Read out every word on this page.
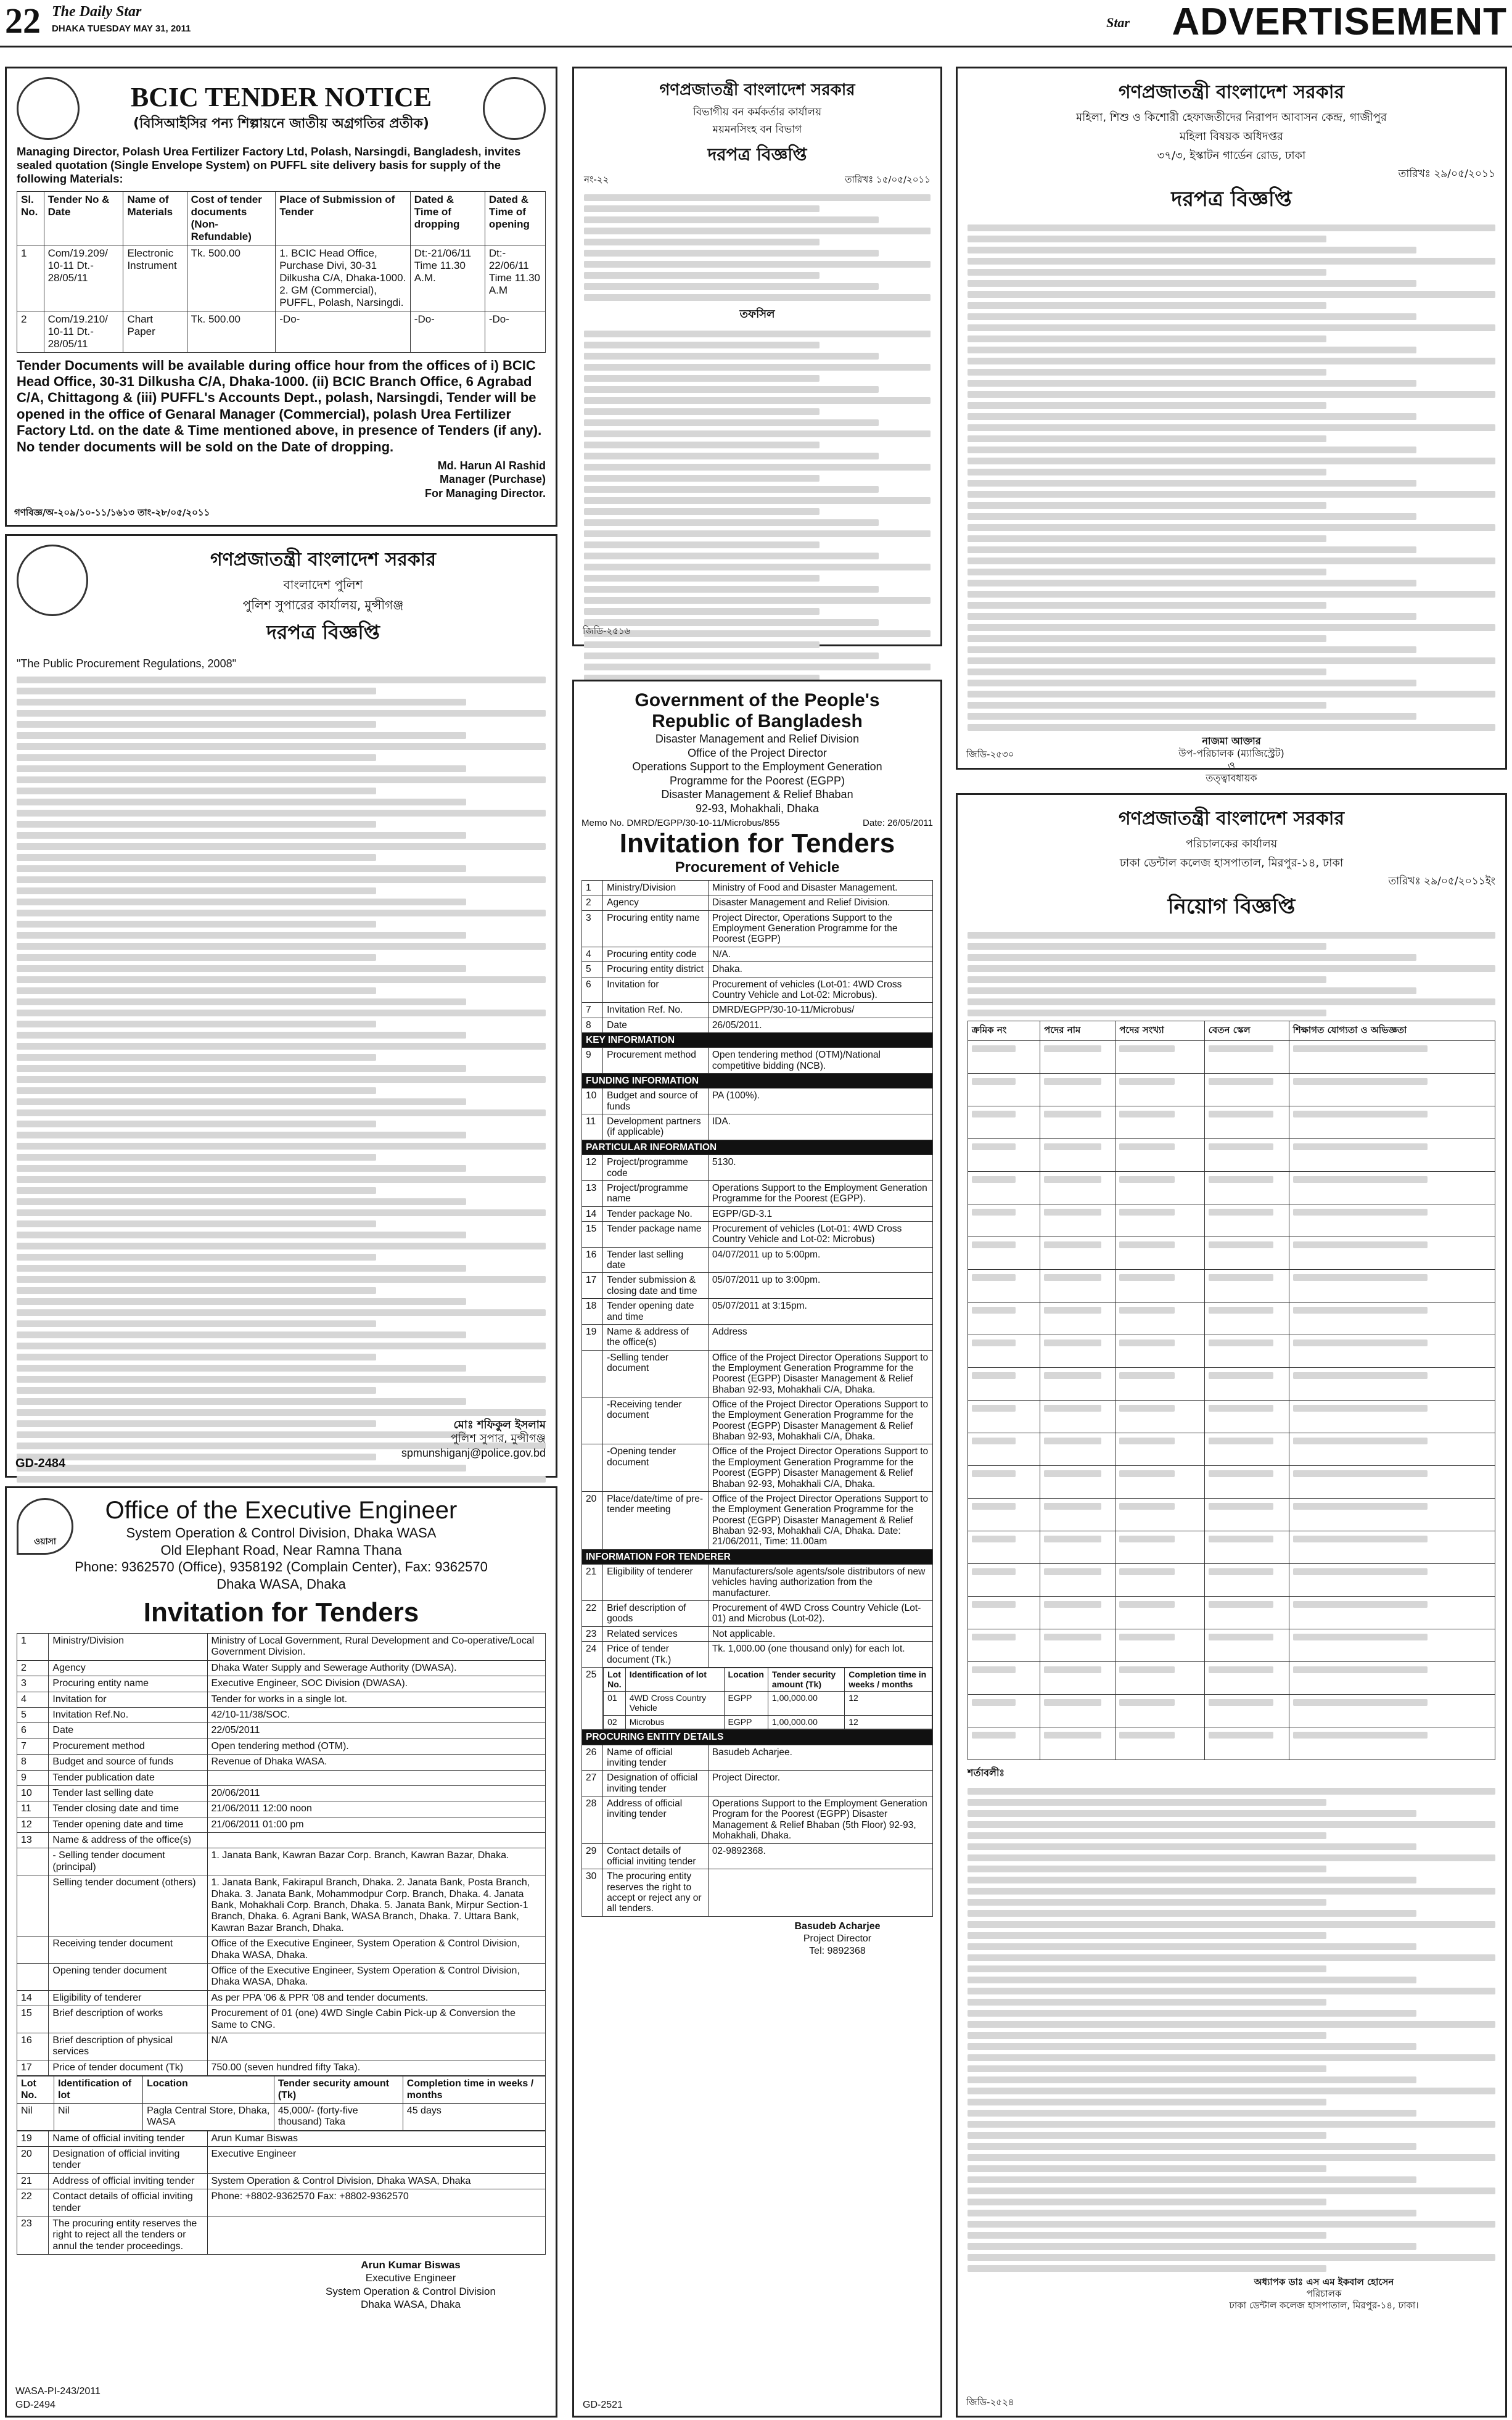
22 The Daily Star
DHAKA TUESDAY MAY 31, 2011	Star ADVERTISEMENT
BCIC TENDER NOTICE
(বিসিআইসির পন্য শিল্পায়নে জাতীয় অগ্রগতির প্রতীক)
Managing Director, Polash Urea Fertilizer Factory Ltd, Polash, Narsingdi, Bangladesh, invites sealed quotation (Single Envelope System) on PUFFL site delivery basis for supply of the following Materials:
Sl. No.	Tender No & Date	Name of Materials	Cost of tender documents (Non-Refundable)	Place of Submission of Tender	Dated & Time of dropping	Dated & Time of opening
1	Com/19.209/ 10-11 Dt.- 28/05/11	Electronic Instrument	Tk. 500.00	1. BCIC Head Office, Purchase Divi, 30-31 Dilkusha C/A, Dhaka-1000. 2. GM (Commercial), PUFFL, Polash, Narsingdi.	Dt:-21/06/11 Time 11.30 A.M.	Dt:- 22/06/11 Time 11.30 A.M
2	Com/19.210/ 10-11 Dt.- 28/05/11	Chart Paper	Tk. 500.00	-Do-	-Do-	-Do-
Tender Documents will be available during office hour from the offices of i) BCIC Head Office, 30-31 Dilkusha C/A, Dhaka-1000. (ii) BCIC Branch Office, 6 Agrabad C/A, Chittagong & (iii) PUFFL's Accounts Dept., polash, Narsingdi, Tender will be opened in the office of Genaral Manager (Commercial), polash Urea Fertilizer Factory Ltd. on the date & Time mentioned above, in presence of Tenders (if any). No tender documents will be sold on the Date of dropping.
Md. Harun Al Rashid
Manager (Purchase)
For Managing Director.
গণবিজ্ঞ/অ-২০৯/১০-১১/১৬১৩ তাং-২৮/০৫/২০১১
গণপ্রজাতন্ত্রী বাংলাদেশ সরকার
বাংলাদেশ পুলিশ
পুলিশ সুপারের কার্যালয়, মুন্সীগঞ্জ
দরপত্র বিজ্ঞপ্তি
"The Public Procurement Regulations, 2008"
মোঃ শফিকুল ইসলাম
পুলিশ সুপার, মুন্সীগঞ্জ
spmunshiganj@police.gov.bd
GD-2484
ওয়াসা
Office of the Executive Engineer
System Operation & Control Division, Dhaka WASA
Old Elephant Road, Near Ramna Thana
Phone: 9362570 (Office), 9358192 (Complain Center), Fax: 9362570
Dhaka WASA, Dhaka
Invitation for Tenders
1	Ministry/Division	Ministry of Local Government, Rural Development and Co-operative/Local Government Division.
2	Agency	Dhaka Water Supply and Sewerage Authority (DWASA).
3	Procuring entity name	Executive Engineer, SOC Division (DWASA).
4	Invitation for	Tender for works in a single lot.
5	Invitation Ref.No.	42/10-11/38/SOC.
6	Date	22/05/2011
7	Procurement method	Open tendering method (OTM).
8	Budget and source of funds	Revenue of Dhaka WASA.
9	Tender publication date	
10	Tender last selling date	20/06/2011
11	Tender closing date and time	21/06/2011 12:00 noon
12	Tender opening date and time	21/06/2011 01:00 pm
13	Name & address of the office(s)	
	- Selling tender document (principal)	1. Janata Bank, Kawran Bazar Corp. Branch, Kawran Bazar, Dhaka.
	Selling tender document (others)	1. Janata Bank, Fakirapul Branch, Dhaka. 2. Janata Bank, Posta Branch, Dhaka. 3. Janata Bank, Mohammodpur Corp. Branch, Dhaka. 4. Janata Bank, Mohakhali Corp. Branch, Dhaka. 5. Janata Bank, Mirpur Section-1 Branch, Dhaka. 6. Agrani Bank, WASA Branch, Dhaka. 7. Uttara Bank, Kawran Bazar Branch, Dhaka.
	Receiving tender document	Office of the Executive Engineer, System Operation & Control Division, Dhaka WASA, Dhaka.
	Opening tender document	Office of the Executive Engineer, System Operation & Control Division, Dhaka WASA, Dhaka.
14	Eligibility of tenderer	As per PPA '06 & PPR '08 and tender documents.
15	Brief description of works	Procurement of 01 (one) 4WD Single Cabin Pick-up & Conversion the Same to CNG.
16	Brief description of physical services	N/A
17	Price of tender document (Tk)	750.00 (seven hundred fifty Taka).
Lot No.	Identification of lot	Location	Tender security amount (Tk)	Completion time in weeks / months
Nil	Nil	Pagla Central Store, Dhaka, WASA	45,000/- (forty-five thousand) Taka	45 days
19	Name of official inviting tender	Arun Kumar Biswas
20	Designation of official inviting tender	Executive Engineer
21	Address of official inviting tender	System Operation & Control Division, Dhaka WASA, Dhaka
22	Contact details of official inviting tender	Phone: +8802-9362570 Fax: +8802-9362570
23	The procuring entity reserves the right to reject all the tenders or annul the tender proceedings.	
Arun Kumar Biswas
Executive Engineer
System Operation & Control Division
Dhaka WASA, Dhaka
WASA-PI-243/2011
GD-2494
গণপ্রজাতন্ত্রী বাংলাদেশ সরকার
বিভাগীয় বন কর্মকর্তার কার্যালয়
ময়মনসিংহ বন বিভাগ
দরপত্র বিজ্ঞপ্তি
নং-২২	তারিখঃ ১৫/০৫/২০১১
তফসিল
জিডি-২৫১৬
Government of the People's
Republic of Bangladesh
Disaster Management and Relief Division
Office of the Project Director
Operations Support to the Employment Generation
Programme for the Poorest (EGPP)
Disaster Management & Relief Bhaban
92-93, Mohakhali, Dhaka
Memo No. DMRD/EGPP/30-10-11/Microbus/855	Date: 26/05/2011
Invitation for Tenders
Procurement of Vehicle
1	Ministry/Division	Ministry of Food and Disaster Management.
2	Agency	Disaster Management and Relief Division.
3	Procuring entity name	Project Director, Operations Support to the Employment Generation Programme for the Poorest (EGPP)
4	Procuring entity code	N/A.
5	Procuring entity district	Dhaka.
6	Invitation for	Procurement of vehicles (Lot-01: 4WD Cross Country Vehicle and Lot-02: Microbus).
7	Invitation Ref. No.	DMRD/EGPP/30-10-11/Microbus/
8	Date	26/05/2011.
KEY INFORMATION
9	Procurement method	Open tendering method (OTM)/National competitive bidding (NCB).
FUNDING INFORMATION
10	Budget and source of funds	PA (100%).
11	Development partners (if applicable)	IDA.
PARTICULAR INFORMATION
12	Project/programme code	5130.
13	Project/programme name	Operations Support to the Employment Generation Programme for the Poorest (EGPP).
14	Tender package No.	EGPP/GD-3.1
15	Tender package name	Procurement of vehicles (Lot-01: 4WD Cross Country Vehicle and Lot-02: Microbus)
16	Tender last selling date	04/07/2011 up to 5:00pm.
17	Tender submission & closing date and time	05/07/2011 up to 3:00pm.
18	Tender opening date and time	05/07/2011 at 3:15pm.
19	Name & address of the office(s)	Address
	-Selling tender document	Office of the Project Director Operations Support to the Employment Generation Programme for the Poorest (EGPP) Disaster Management & Relief Bhaban 92-93, Mohakhali C/A, Dhaka.
	-Receiving tender document	Office of the Project Director Operations Support to the Employment Generation Programme for the Poorest (EGPP) Disaster Management & Relief Bhaban 92-93, Mohakhali C/A, Dhaka.
	-Opening tender document	Office of the Project Director Operations Support to the Employment Generation Programme for the Poorest (EGPP) Disaster Management & Relief Bhaban 92-93, Mohakhali C/A, Dhaka.
20	Place/date/time of pre-tender meeting	Office of the Project Director Operations Support to the Employment Generation Programme for the Poorest (EGPP) Disaster Management & Relief Bhaban 92-93, Mohakhali C/A, Dhaka. Date: 21/06/2011, Time: 11.00am
INFORMATION FOR TENDERER
21	Eligibility of tenderer	Manufacturers/sole agents/sole distributors of new vehicles having authorization from the manufacturer.
22	Brief description of goods	Procurement of 4WD Cross Country Vehicle (Lot-01) and Microbus (Lot-02).
23	Related services	Not applicable.
24	Price of tender document (Tk.)	Tk. 1,000.00 (one thousand only) for each lot.
25	Lot No.	Identification of lot	Location	Tender security amount (Tk)	Completion time in weeks / months
01	4WD Cross Country Vehicle	EGPP	1,00,000.00	12
02	Microbus	EGPP	1,00,000.00	12

PROCURING ENTITY DETAILS
26	Name of official inviting tender	Basudeb Acharjee.
27	Designation of official inviting tender	Project Director.
28	Address of official inviting tender	Operations Support to the Employment Generation Program for the Poorest (EGPP) Disaster Management & Relief Bhaban (5th Floor) 92-93, Mohakhali, Dhaka.
29	Contact details of official inviting tender	02-9892368.
30	The procuring entity reserves the right to accept or reject any or all tenders.	
Basudeb Acharjee
Project Director
Tel: 9892368
GD-2521
গণপ্রজাতন্ত্রী বাংলাদেশ সরকার
মহিলা, শিশু ও কিশোরী হেফাজতীদের নিরাপদ আবাসন কেন্দ্র, গাজীপুর
মহিলা বিষয়ক অধিদপ্তর
৩৭/৩, ইস্কাটন গার্ডেন রোড, ঢাকা
তারিখঃ ২৯/০৫/২০১১
দরপত্র বিজ্ঞপ্তি
নাজমা আক্তার
উপ-পরিচালক (ম্যাজিস্ট্রেট)
ও
তত্ত্বাবধায়ক
জিডি-২৫৩০
গণপ্রজাতন্ত্রী বাংলাদেশ সরকার
পরিচালকের কার্যালয়
ঢাকা ডেন্টাল কলেজ হাসপাতাল, মিরপুর-১৪, ঢাকা
তারিখঃ ২৯/০৫/২০১১ইং
নিয়োগ বিজ্ঞপ্তি
ক্রমিক নং	পদের নাম	পদের সংখ্যা	বেতন স্কেল	শিক্ষাগত যোগ্যতা ও অভিজ্ঞতা

শর্তাবলীঃ
অধ্যাপক ডাঃ এস এম ইকবাল হোসেন
পরিচালক
ঢাকা ডেন্টাল কলেজ হাসপাতাল, মিরপুর-১৪, ঢাকা।
জিডি-২৫২৪
